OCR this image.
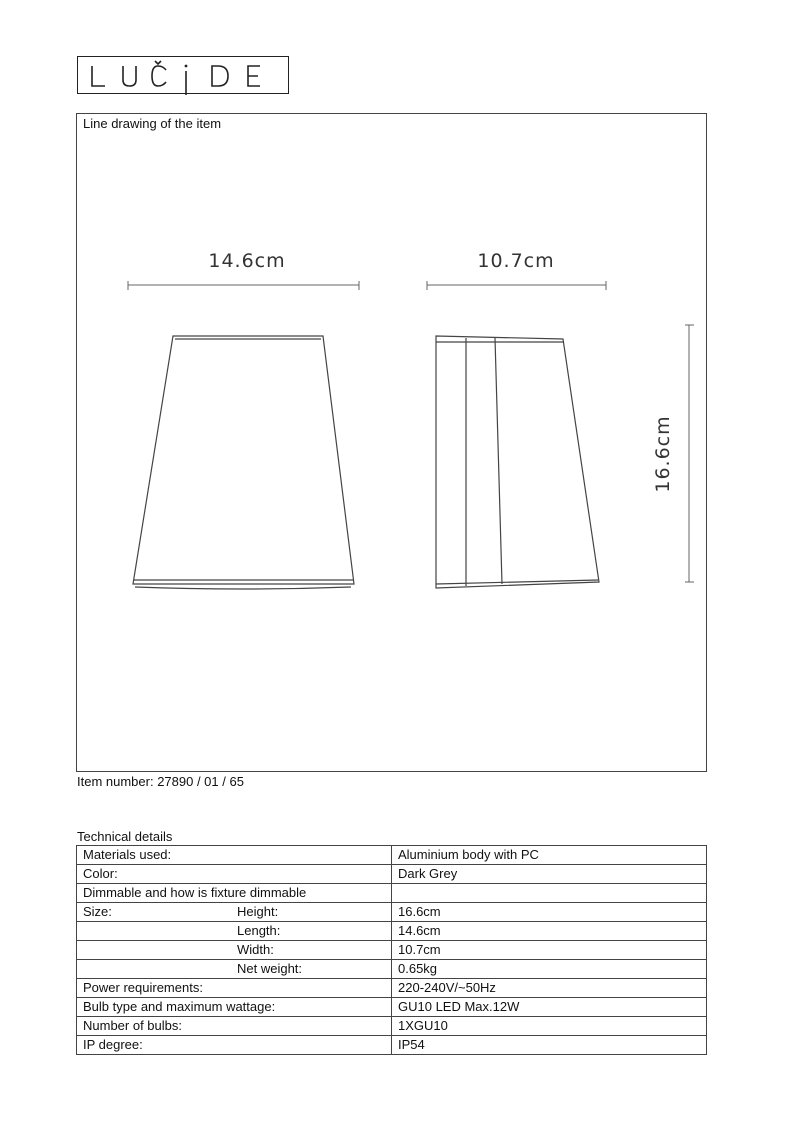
Line drawing of the item
14.6cm	10.7cm
16.6cm
Item number: 27890 / 01 / 65
Technical details
Materials used:	Aluminium body with PC

Color:	Dark Grey
Dimmable and how is fixture dimmable	

Size: Height:	16.6cm

Length:	14.6cm

Width:	10.7cm

Net weight:	0.65kg

Power requirements:	220-240V/~50Hz
Bulb type and maximum wattage:	GU10 LED Max.12W

Number of bulbs:	1XGU10

IP degree:	IP54
